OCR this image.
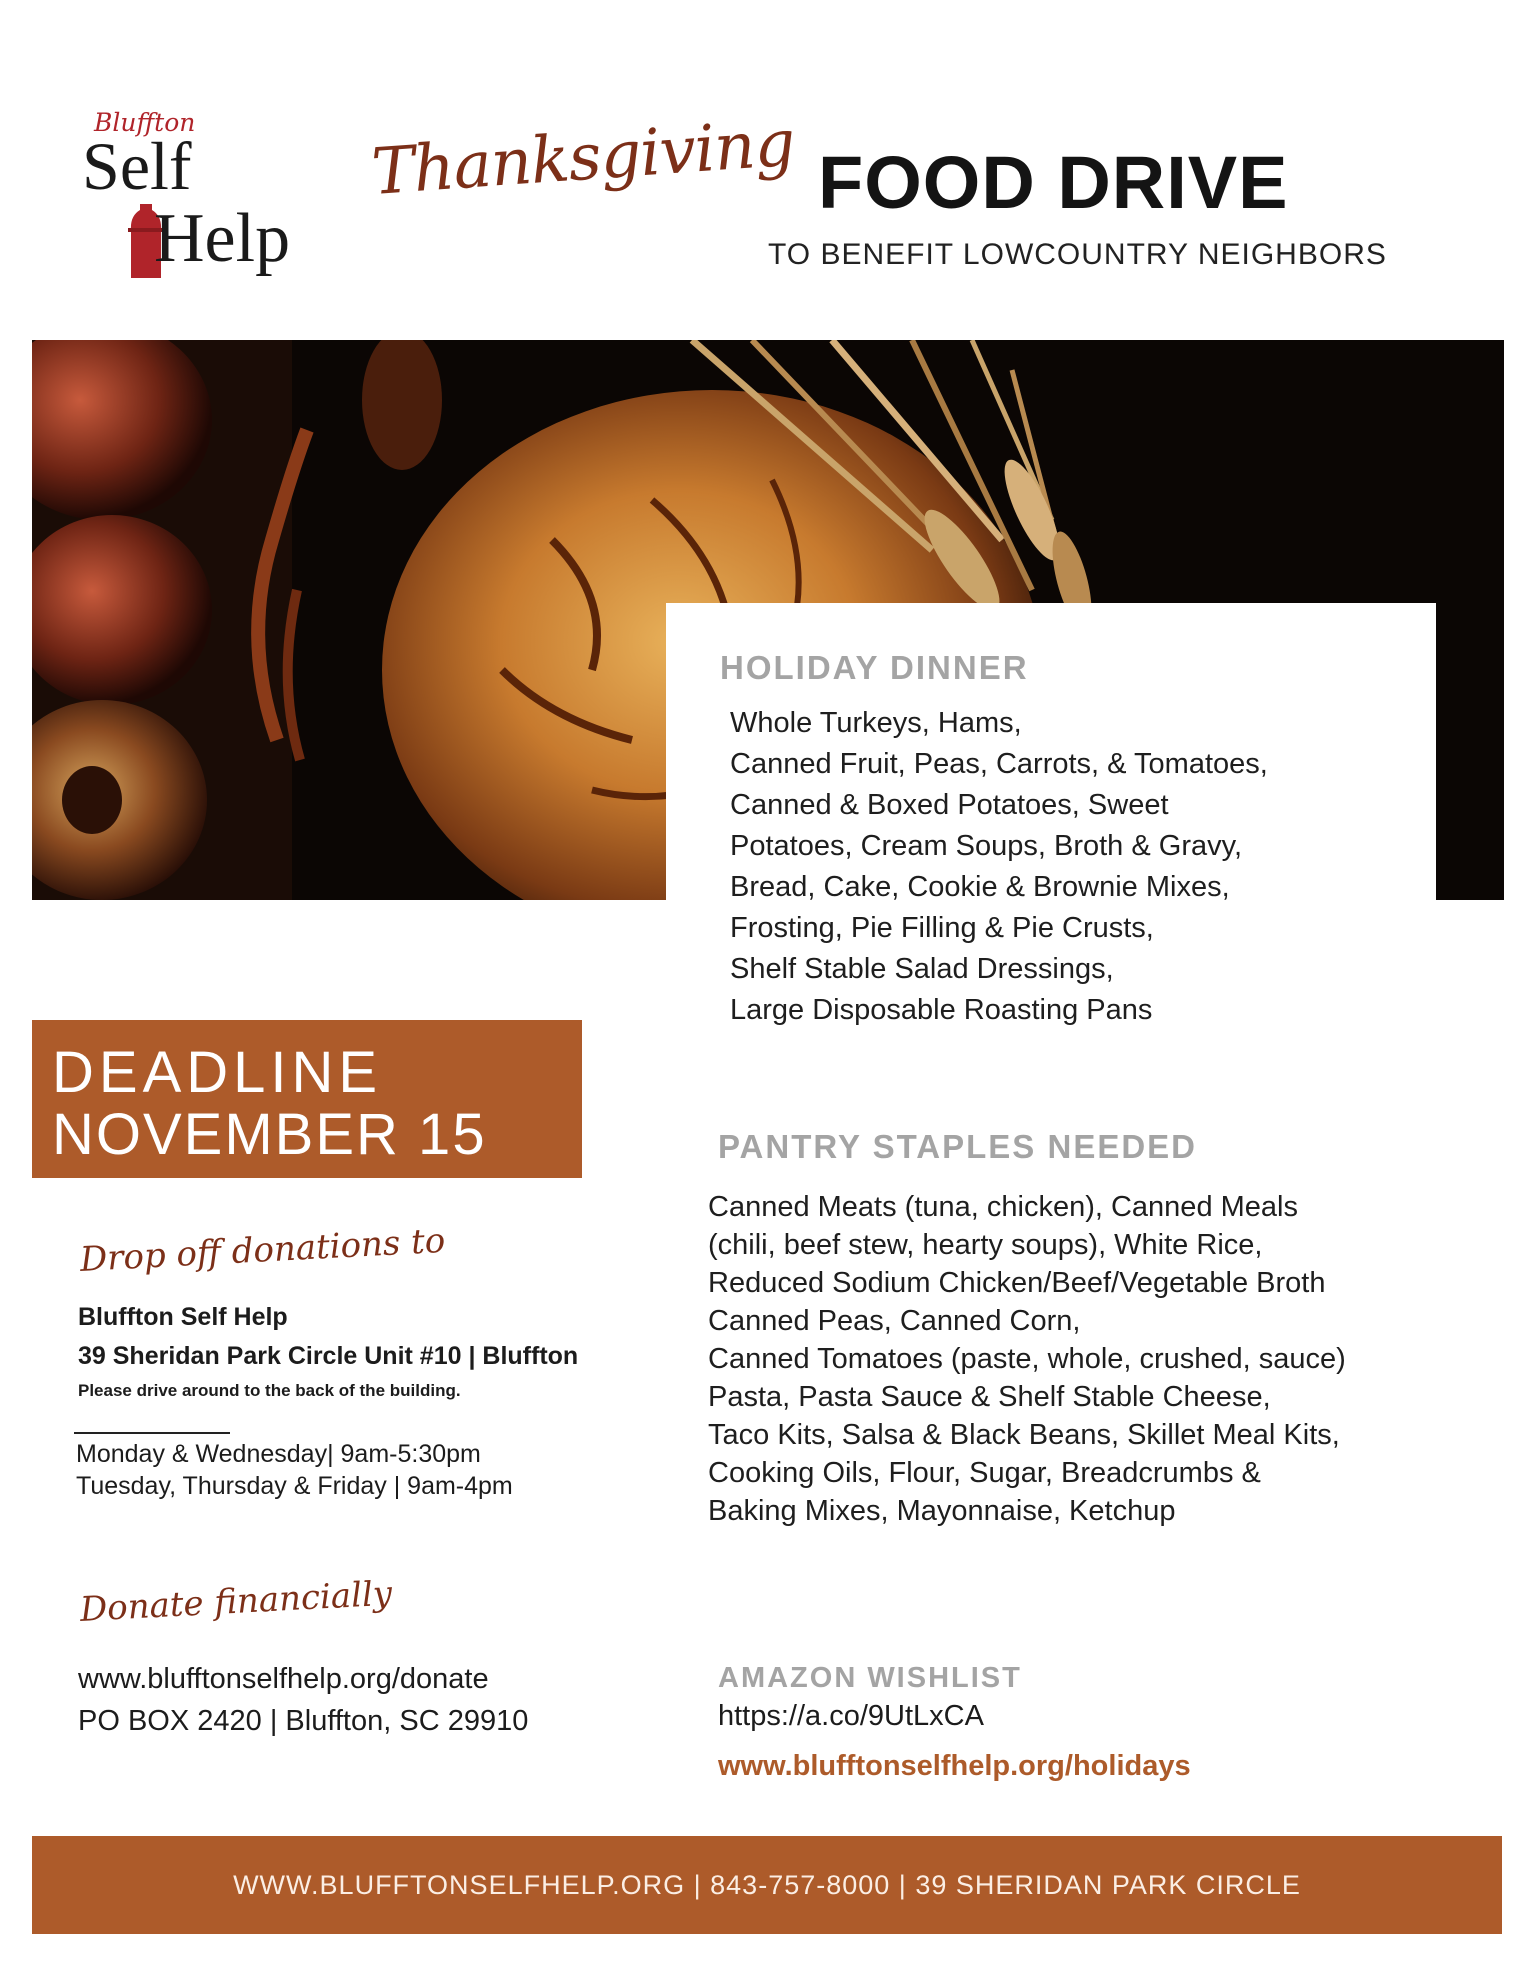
Bluffton
Self
Help
Thanksgiving FOOD DRIVE
TO BENEFIT LOWCOUNTRY NEIGHBORS
HOLIDAY DINNER
Whole Turkeys, Hams,
Canned Fruit, Peas, Carrots, & Tomatoes,
Canned & Boxed Potatoes, Sweet
Potatoes, Cream Soups, Broth & Gravy,
Bread, Cake, Cookie & Brownie Mixes,
Frosting, Pie Filling & Pie Crusts,
Shelf Stable Salad Dressings,
Large Disposable Roasting Pans
DEADLINE
NOVEMBER 15	PANTRY STAPLES NEEDED
Canned Meats (tuna, chicken), Canned Meals
(chili, beef stew, hearty soups), White Rice,
Reduced Sodium Chicken/Beef/Vegetable Broth
Canned Peas, Canned Corn,
Canned Tomatoes (paste, whole, crushed, sauce)
Pasta, Pasta Sauce & Shelf Stable Cheese,
Taco Kits, Salsa & Black Beans, Skillet Meal Kits,
Cooking Oils, Flour, Sugar, Breadcrumbs &
Baking Mixes, Mayonnaise, Ketchup
Drop off donations to
Bluffton Self Help
39 Sheridan Park Circle Unit #10 | Bluffton
Please drive around to the back of the building.
Monday & Wednesday| 9am-5:30pm
Tuesday, Thursday & Friday | 9am-4pm
Donate financially
www.blufftonselfhelp.org/donate
PO BOX 2420 | Bluffton, SC 29910
AMAZON WISHLIST
https://a.co/9UtLxCA
www.blufftonselfhelp.org/holidays
WWW.BLUFFTONSELFHELP.ORG | 843-757-8000 | 39 SHERIDAN PARK CIRCLE
